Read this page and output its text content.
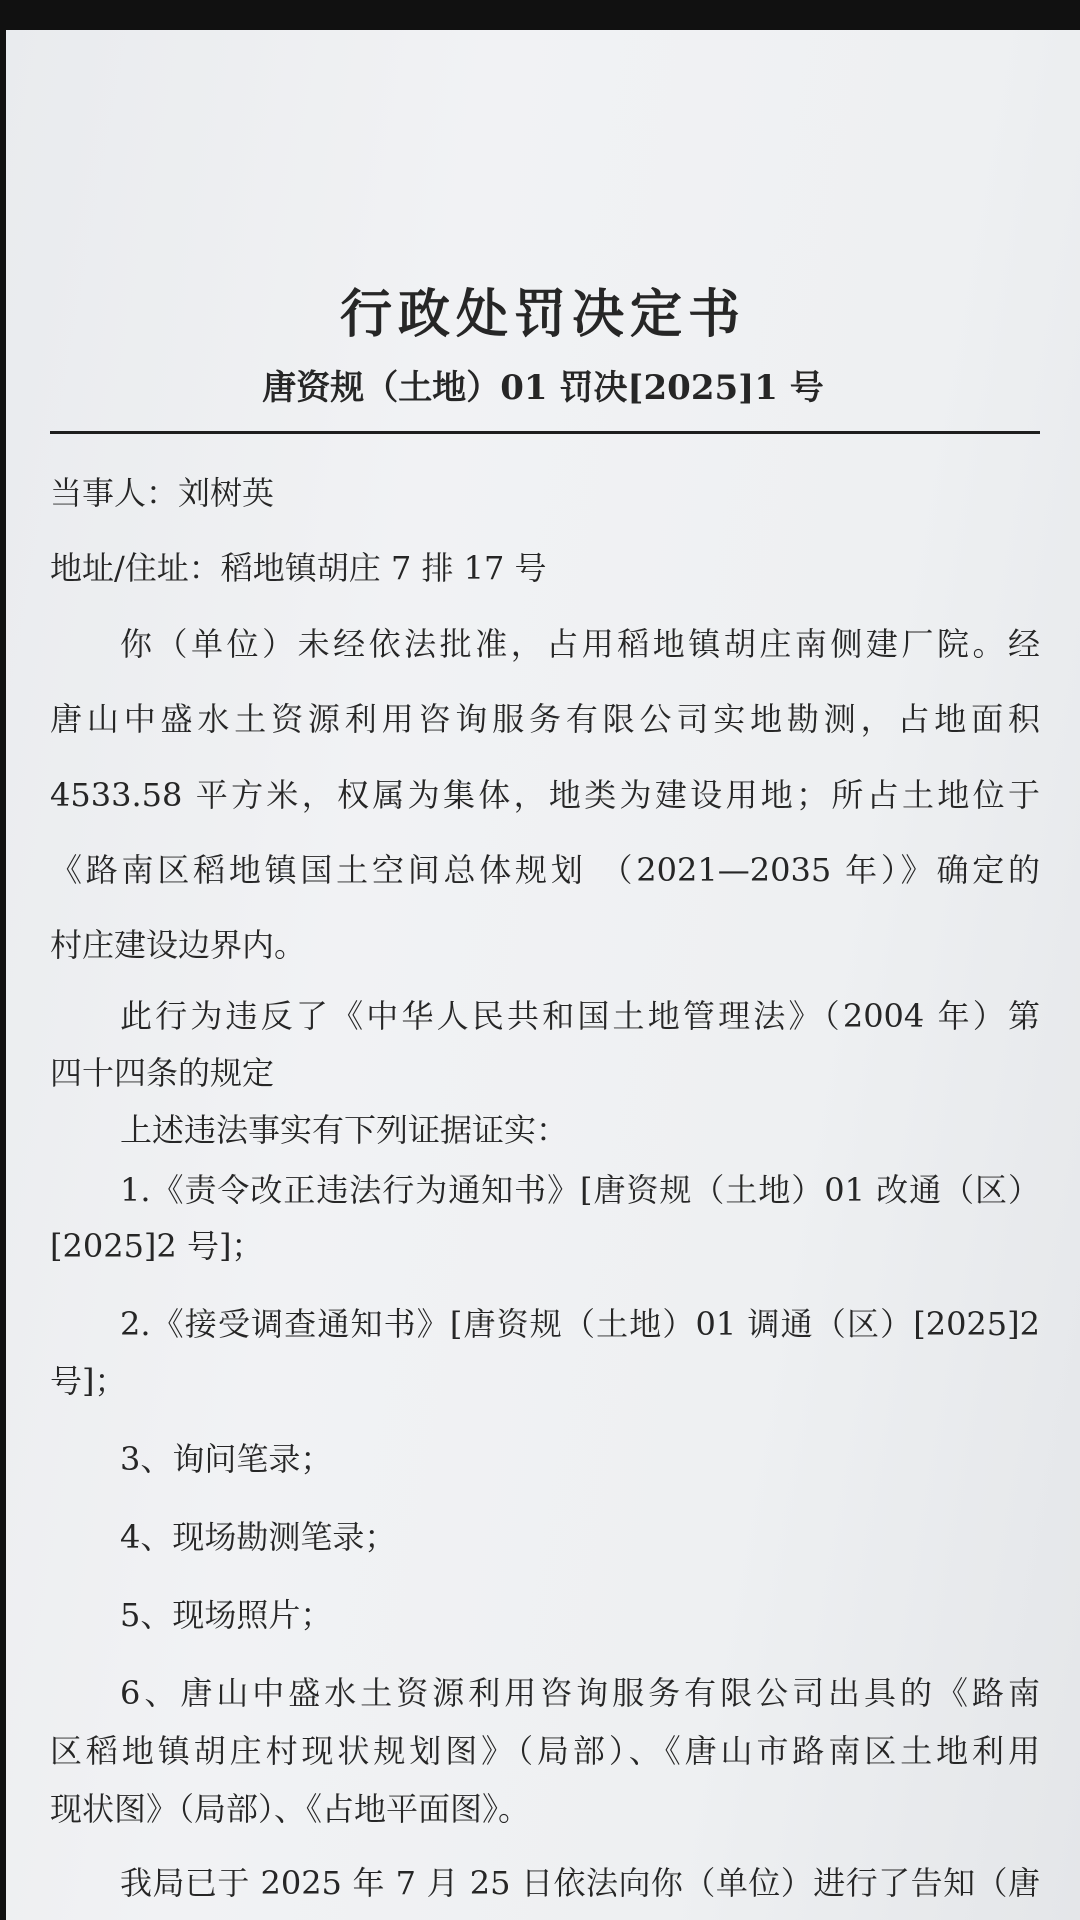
行政处罚决定书

唐资规（土地）01 罚决[2025]1 号

当事人：刘树英

地址/住址：稻地镇胡庄 7 排 17 号

你（单位）未经依法批准，占用稻地镇胡庄南侧建厂院。经

唐山中盛水土资源利用咨询服务有限公司实地勘测，占地面积

4533.58 平方米，权属为集体，地类为建设用地；所占土地位于

《路南区稻地镇国土空间总体规划 （2021—2035 年）》确定的

村庄建设边界内。

此行为违反了《中华人民共和国土地管理法》（2004 年）第

四十四条的规定

上述违法事实有下列证据证实：

1.《责令改正违法行为通知书》[唐资规（土地）01 改通（区）

[2025]2 号]；

2.《接受调查通知书》[唐资规（土地）01 调通（区）[2025]2

号]；

3、询问笔录；

4、现场勘测笔录；

5、现场照片；

6、唐山中盛水土资源利用咨询服务有限公司出具的《路南

区稻地镇胡庄村现状规划图》（局部）、《唐山市路南区土地利用

现状图》（局部）、《占地平面图》。

我局已于 2025 年 7 月 25 日依法向你（单位）进行了告知（唐
